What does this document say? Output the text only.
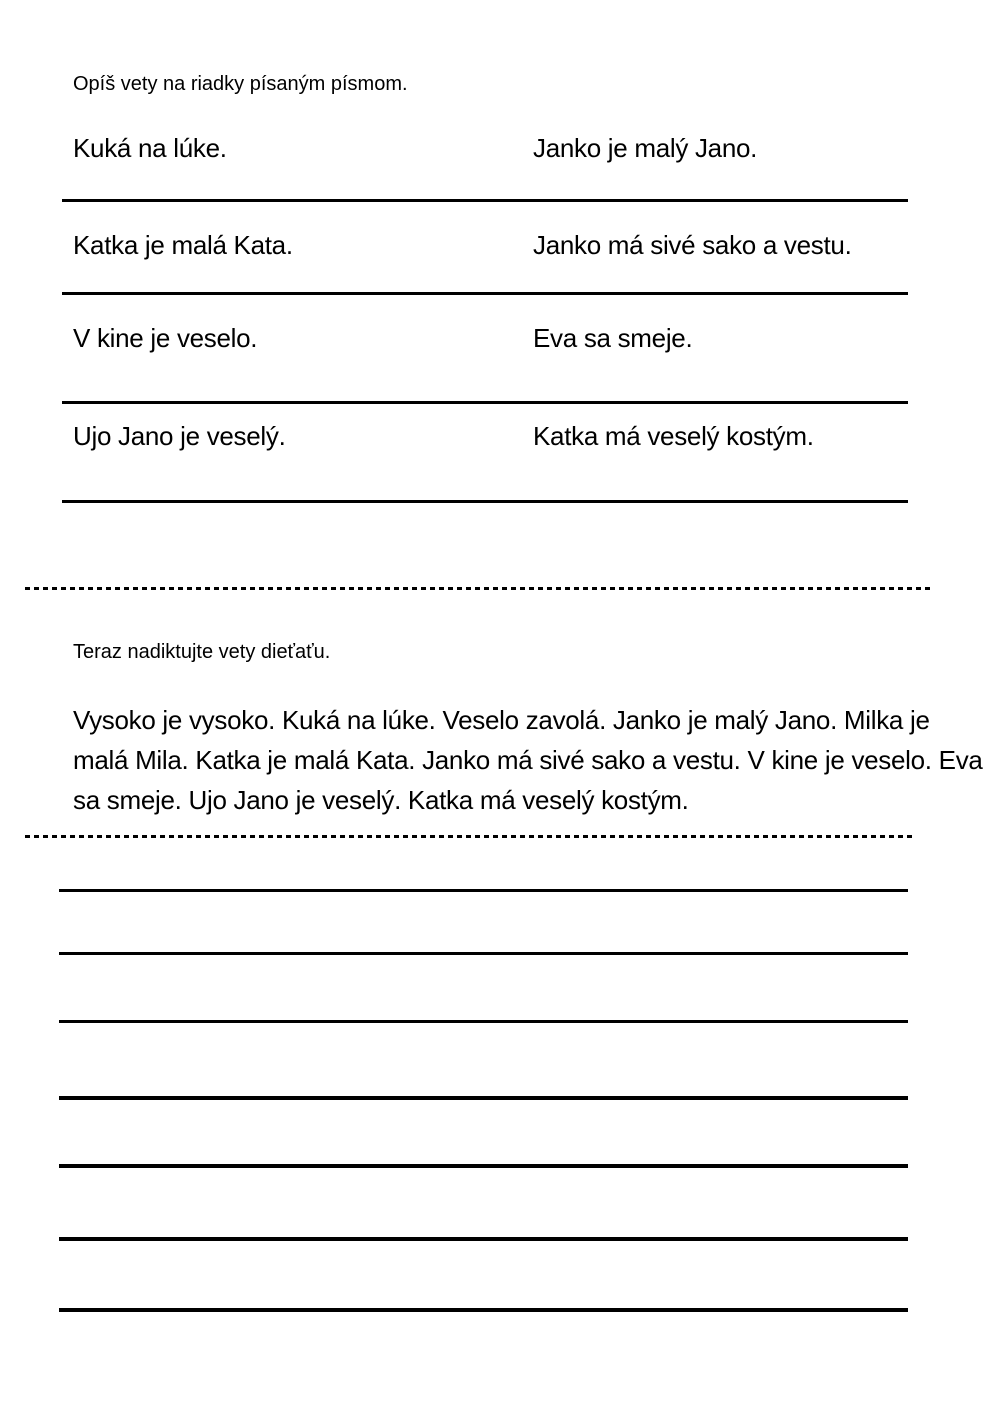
Opíš vety na riadky písaným písmom.
Kuká na lúke.	Janko je malý Jano.
Katka je malá Kata.	Janko má sivé sako a vestu.
V kine je veselo.	Eva sa smeje.
Ujo Jano je veselý.	Katka má veselý kostým.
Teraz nadiktujte vety dieťaťu.
Vysoko je vysoko. Kuká na lúke. Veselo zavolá. Janko je malý Jano. Milka je
malá Mila. Katka je malá Kata. Janko má sivé sako a vestu. V kine je veselo. Eva
sa smeje. Ujo Jano je veselý. Katka má veselý kostým.
